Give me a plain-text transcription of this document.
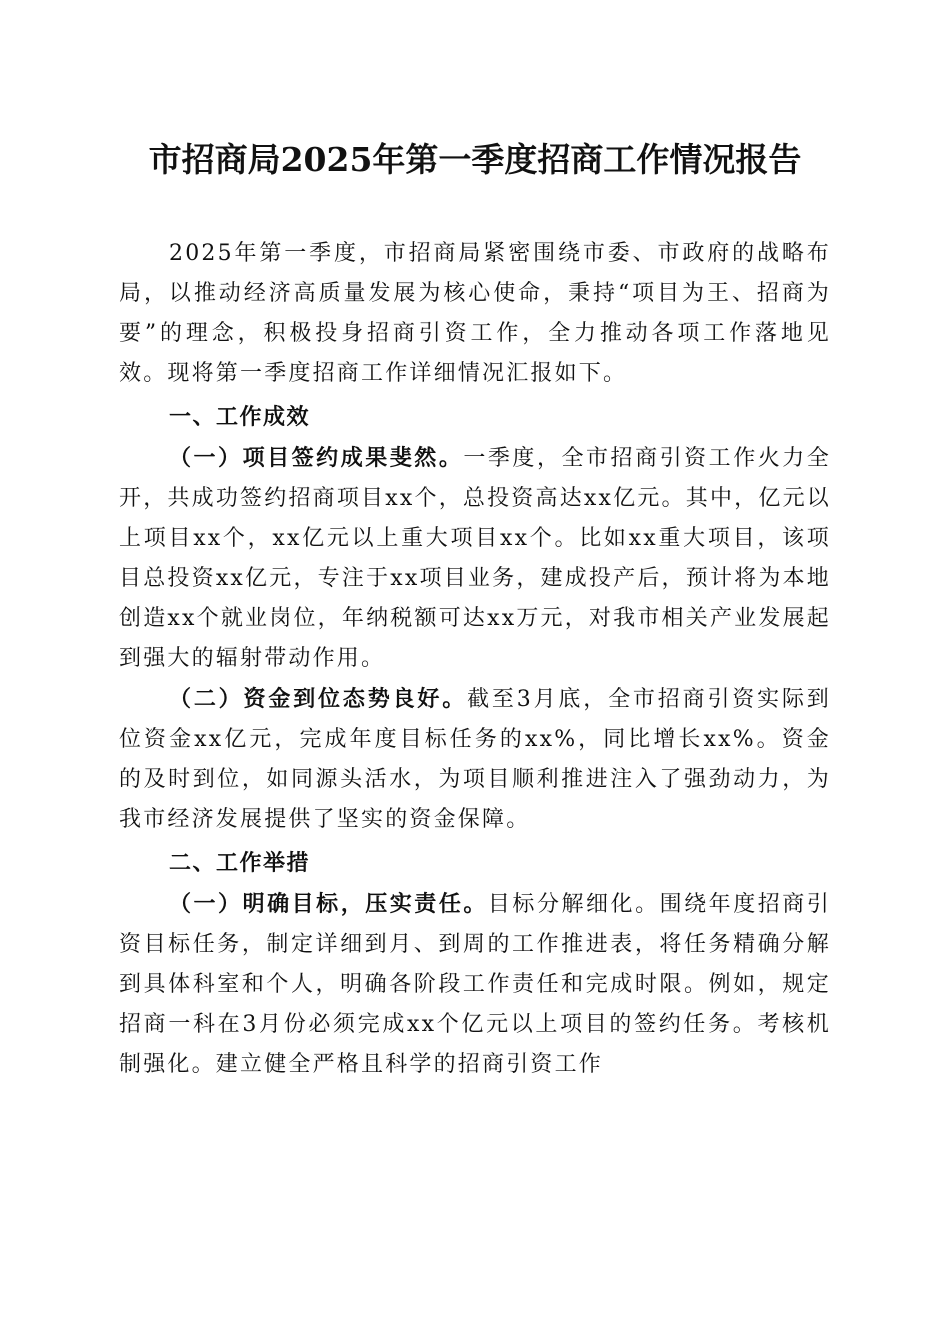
市招商局2025年第一季度招商工作情况报告

2025年第一季度，市招商局紧密围绕市委、市政府的战略布局，以推动经济高质量发展为核心使命，秉持“项目为王、招商为要”的理念，积极投身招商引资工作，全力推动各项工作落地见效。现将第一季度招商工作详细情况汇报如下。

一、工作成效

（一）项目签约成果斐然。一季度，全市招商引资工作火力全开，共成功签约招商项目xx个，总投资高达xx亿元。其中，亿元以上项目xx个，xx亿元以上重大项目xx个。比如xx重大项目，该项目总投资xx亿元，专注于xx项目业务，建成投产后，预计将为本地创造xx个就业岗位，年纳税额可达xx万元，对我市相关产业发展起到强大的辐射带动作用。

（二）资金到位态势良好。截至3月底，全市招商引资实际到位资金xx亿元，完成年度目标任务的xx%，同比增长xx%。资金的及时到位，如同源头活水，为项目顺利推进注入了强劲动力，为我市经济发展提供了坚实的资金保障。

二、工作举措

（一）明确目标，压实责任。目标分解细化。围绕年度招商引资目标任务，制定详细到月、到周的工作推进表，将任务精确分解到具体科室和个人，明确各阶段工作责任和完成时限。例如，规定招商一科在3月份必须完成xx个亿元以上项目的签约任务。考核机制强化。建立健全严格且科学的招商引资工作
